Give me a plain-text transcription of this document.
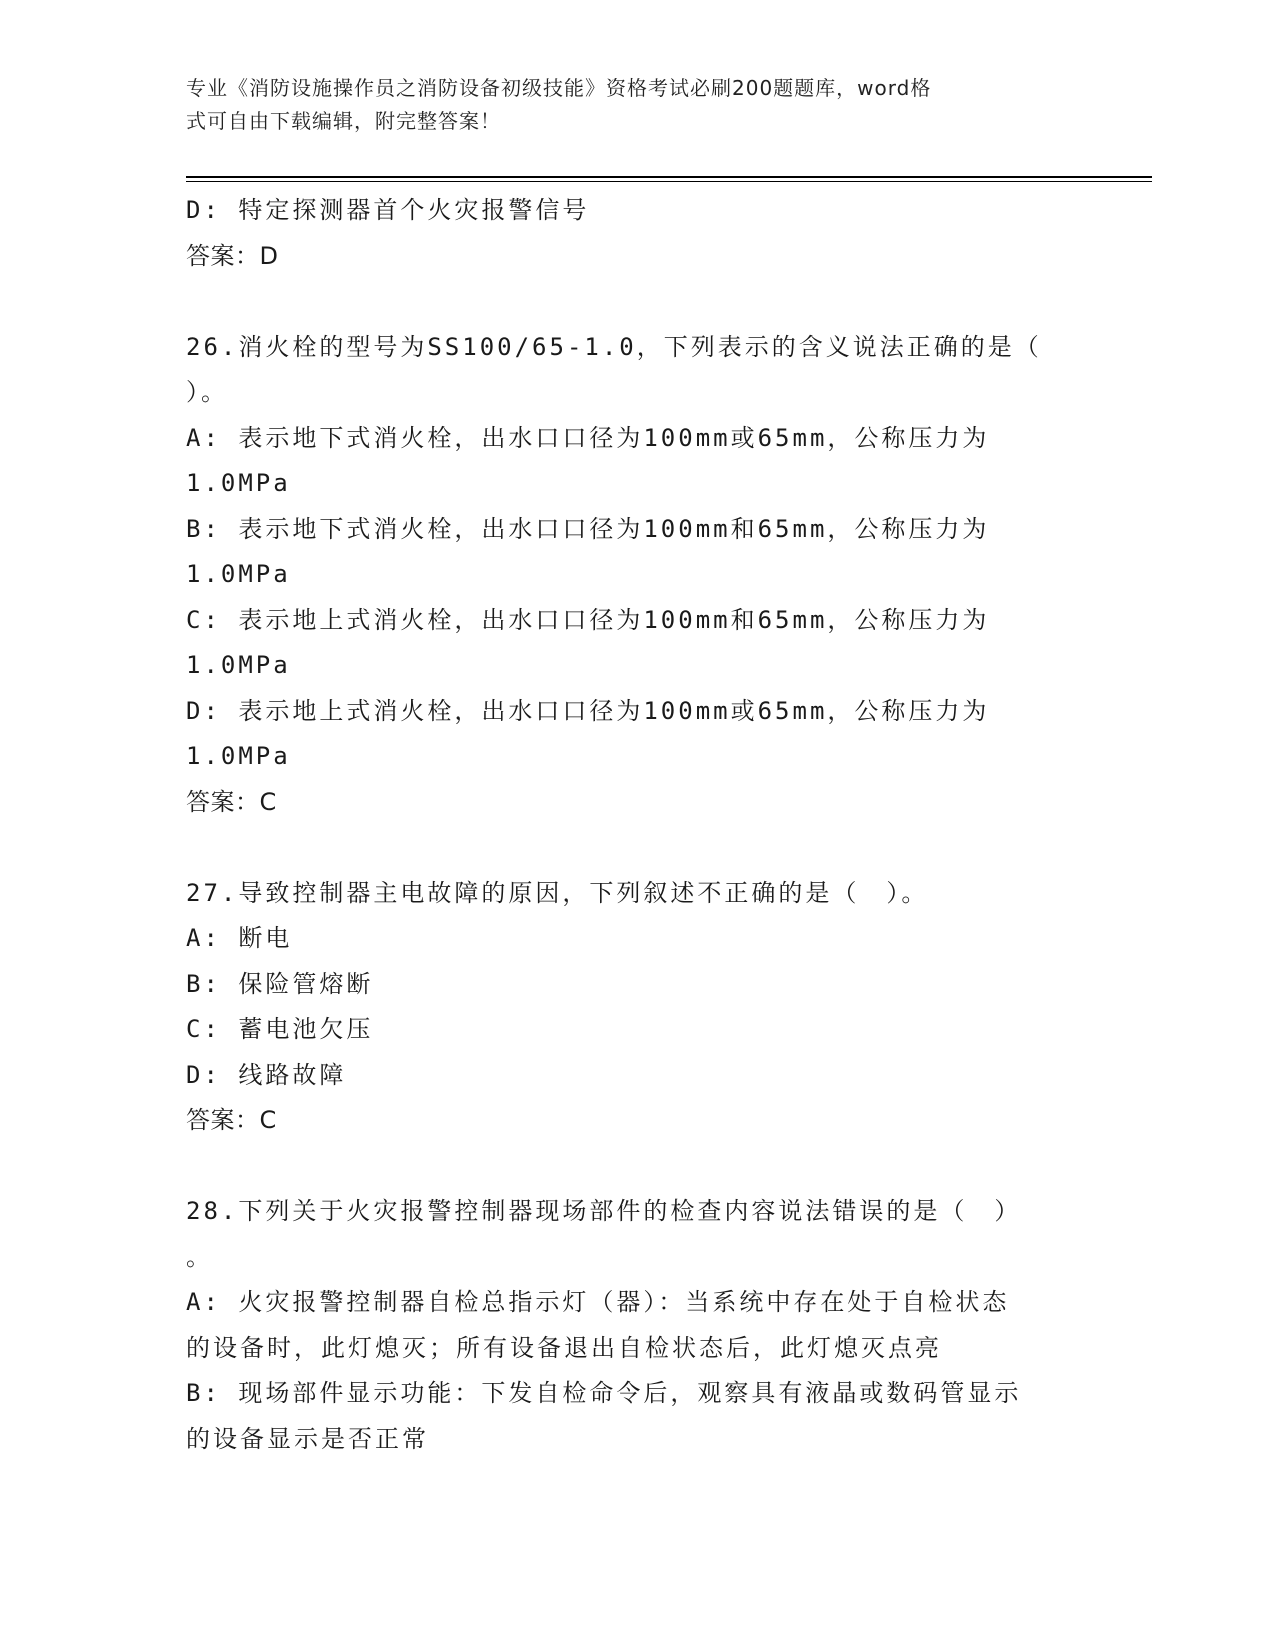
专业《消防设施操作员之消防设备初级技能》资格考试必刷200题题库，word格
式可自由下载编辑，附完整答案！
D: 特定探测器首个火灾报警信号
答案：D
26.消火栓的型号为SS100/65-1.0，下列表示的含义说法正确的是（
）。
A: 表示地下式消火栓，出水口口径为100mm或65mm，公称压力为
1.0MPa
B: 表示地下式消火栓，出水口口径为100mm和65mm，公称压力为
1.0MPa
C: 表示地上式消火栓，出水口口径为100mm和65mm，公称压力为
1.0MPa
D: 表示地上式消火栓，出水口口径为100mm或65mm，公称压力为
1.0MPa
答案：C
27.导致控制器主电故障的原因，下列叙述不正确的是（　）。
A: 断电
B: 保险管熔断
C: 蓄电池欠压
D: 线路故障
答案：C
28.下列关于火灾报警控制器现场部件的检查内容说法错误的是（　）
。
A: 火灾报警控制器自检总指示灯（器）：当系统中存在处于自检状态
的设备时，此灯熄灭；所有设备退出自检状态后，此灯熄灭点亮
B: 现场部件显示功能：下发自检命令后，观察具有液晶或数码管显示
的设备显示是否正常
